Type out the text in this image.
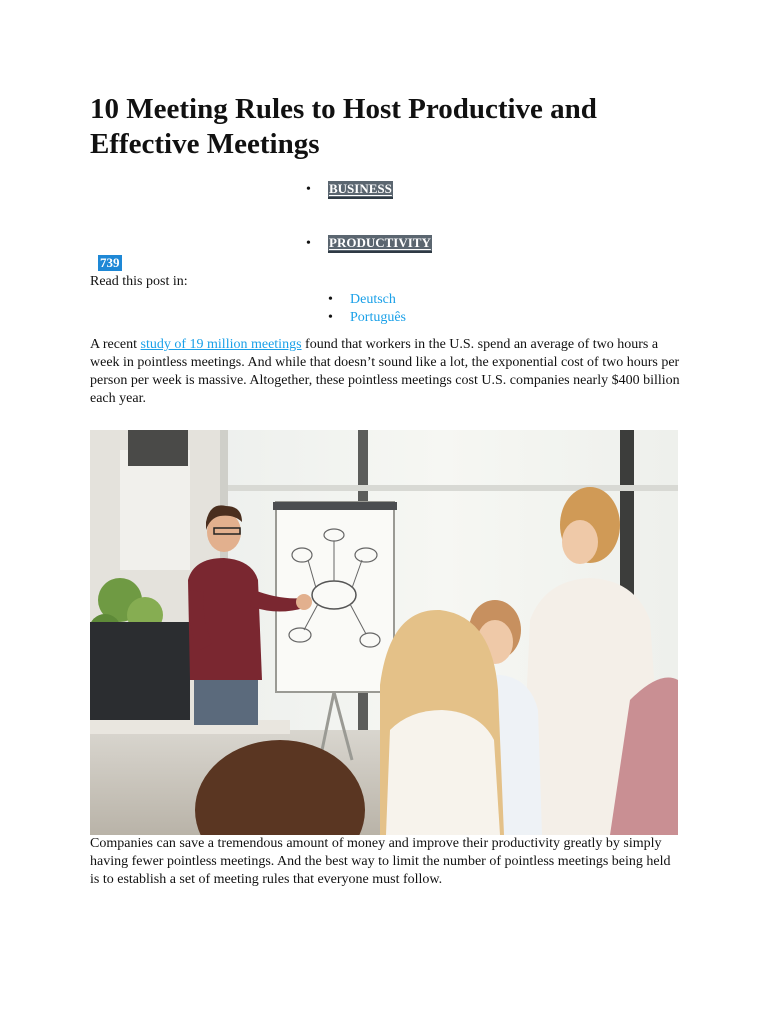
10 Meeting Rules to Host Productive and
Effective Meetings
• BUSINESS
• PRODUCTIVITY
739
Read this post in:
• Deutsch
• Português

A recent study of 19 million meetings found that workers in the U.S. spend an average of two hours a week in pointless meetings. And while that doesn’t sound like a lot, the exponential cost of two hours per person per week is massive. Altogether, these pointless meetings cost U.S. companies nearly $400 billion each year.

Companies can save a tremendous amount of money and improve their productivity greatly by simply having fewer pointless meetings. And the best way to limit the number of pointless meetings being held is to establish a set of meeting rules that everyone must follow.
